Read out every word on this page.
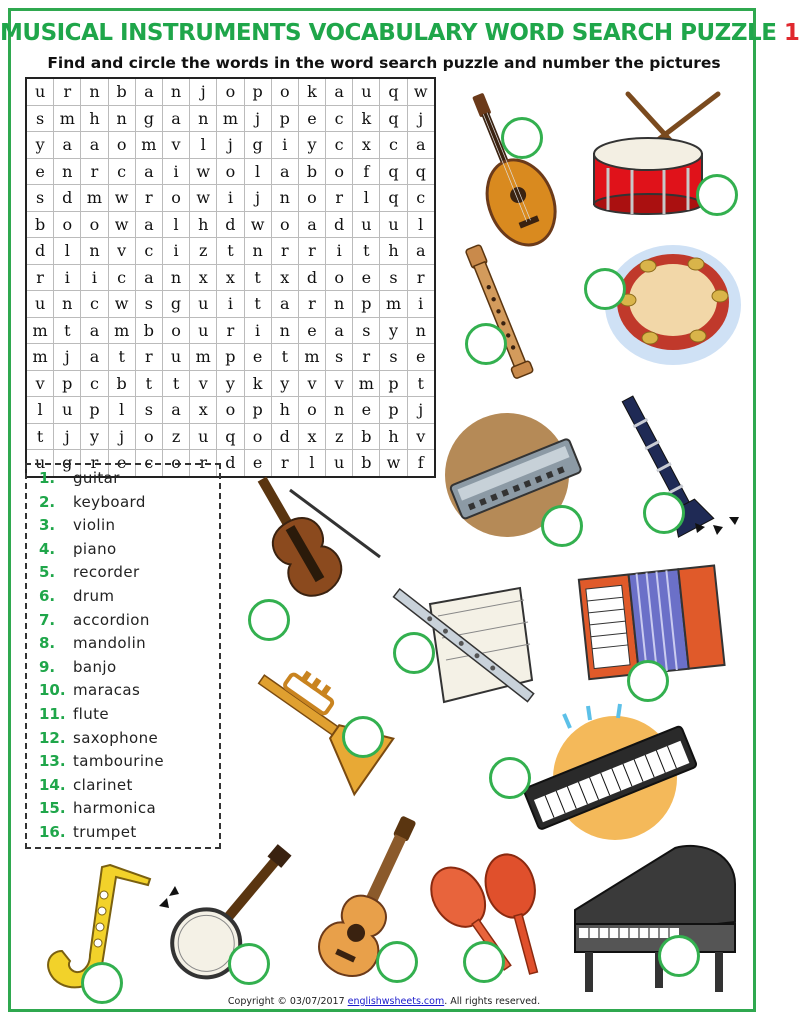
MUSICAL INSTRUMENTS VOCABULARY WORD SEARCH PUZZLE 1
Find and circle the words in the word search puzzle and number the pictures
u	r	n	b	a	n	j	o	p	o	k	a	u	q	w
s	m	h	n	g	a	n	m	j	p	e	c	k	q	j
y	a	a	o	m	v	l	j	g	i	y	c	x	c	a
e	n	r	c	a	i	w	o	l	a	b	o	f	q	q
s	d	m	w	r	o	w	i	j	n	o	r	l	q	c
b	o	o	w	a	l	h	d	w	o	a	d	u	u	l
d	l	n	v	c	i	z	t	n	r	r	i	t	h	a
r	i	i	c	a	n	x	x	t	x	d	o	e	s	r
u	n	c	w	s	g	u	i	t	a	r	n	p	m	i
m	t	a	m	b	o	u	r	i	n	e	a	s	y	n
m	j	a	t	r	u	m	p	e	t	m	s	r	s	e
v	p	c	b	t	t	v	y	k	y	v	v	m	p	t
l	u	p	l	s	a	x	o	p	h	o	n	e	p	j
t	j	y	j	o	z	u	q	o	d	x	z	b	h	v
u	g	r	e	c	o	r	d	e	r	l	u	b	w	f
1. guitar
2. keyboard
3. violin
4. piano
5. recorder
6. drum
7. accordion
8. mandolin
9. banjo
10. maracas
11. flute
12. saxophone
13. tambourine
14. clarinet
15. harmonica
16. trumpet
Copyright © 03/07/2017 englishwsheets.com. All rights reserved.
